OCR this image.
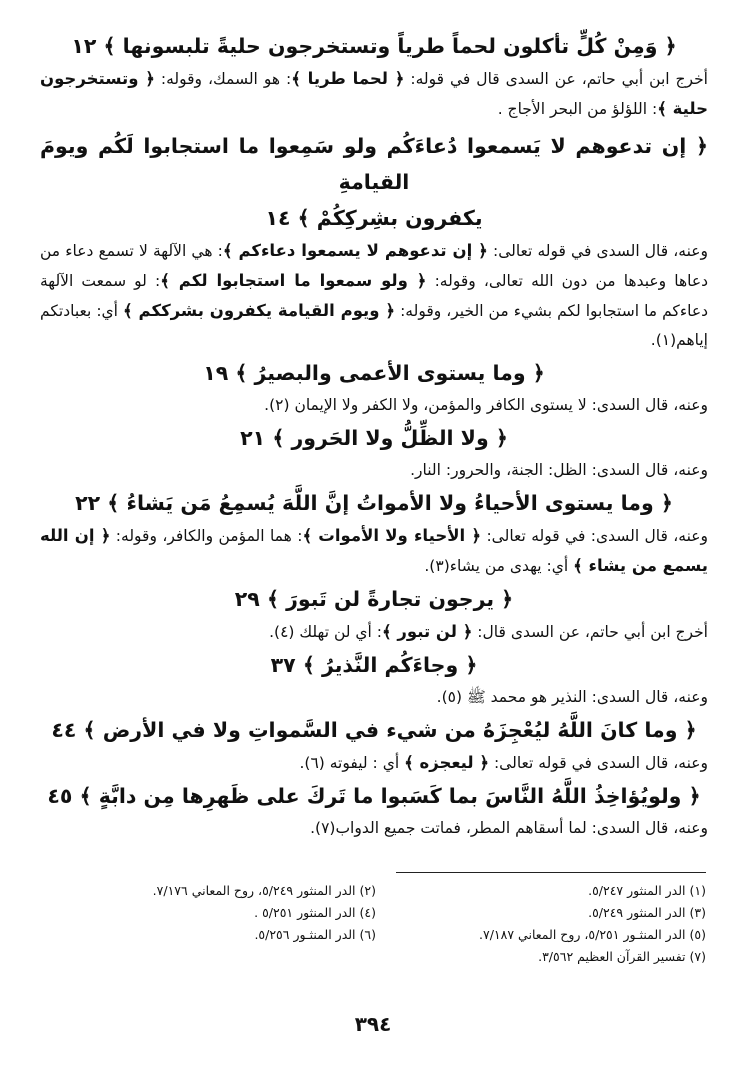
﴿ وَمِنْ كُلٍّ تأكلون لحماً طرياً وتستخرجون حليةً تلبسونها ﴾ ١٢

أخرج ابن أبي حاتم، عن السدى قال في قوله: ﴿ لحما طريا ﴾: هو السمك، وقوله: ﴿ وتستخرجون حلية ﴾: اللؤلؤ من البحر الأجاج .

﴿ إن تدعوهم لا يَسمعوا دُعاءَكُم ولو سَمِعوا ما استجابوا لَكُم ويومَ القيامةِ

يكفرون بشِركِكُمْ ﴾ ١٤

وعنه، قال السدى في قوله تعالى: ﴿ إن تدعوهم لا يسمعوا دعاءكم ﴾: هي الآلهة لا تسمع دعاء من دعاها وعبدها من دون الله تعالى، وقوله: ﴿ ولو سمعوا ما استجابوا لكم ﴾: لو سمعت الآلهة دعاءكم ما استجابوا لكم بشيء من الخير، وقوله: ﴿ ويوم القيامة يكفرون بشرككم ﴾ أي: بعبادتكم إياهم(١).

﴿ وما يستوى الأعمى والبصيرُ ﴾ ١٩

وعنه، قال السدى: لا يستوى الكافر والمؤمن، ولا الكفر ولا الإيمان (٢).

﴿ ولا الظِّلُّ ولا الحَرور ﴾ ٢١

وعنه، قال السدى: الظل: الجنة، والحرور: النار.

﴿ وما يستوى الأحياءُ ولا الأمواتُ إنَّ اللَّهَ يُسمِعُ مَن يَشاءُ ﴾ ٢٢

وعنه، قال السدى: في قوله تعالى: ﴿ الأحياء ولا الأموات ﴾: هما المؤمن والكافر، وقوله: ﴿ إن الله يسمع من يشاء ﴾ أي: يهدى من يشاء(٣).

﴿ يرجون تجارةً لن تَبورَ ﴾ ٢٩

أخرج ابن أبي حاتم، عن السدى قال: ﴿ لن تبور ﴾: أي لن تهلك (٤).

﴿ وجاءَكُم النَّذيرُ ﴾ ٣٧

وعنه، قال السدى: النذير هو محمد ﷺ (٥).

﴿ وما كانَ اللَّهُ ليُعْجِزَهُ من شيء في السَّمواتِ ولا في الأرض ﴾ ٤٤

وعنه، قال السدى في قوله تعالى: ﴿ ليعجزه ﴾ أي : ليفوته (٦).

﴿ ولويُؤاخِذُ اللَّهُ النَّاسَ بما كَسَبوا ما تَركَ على ظَهرِها مِن دابَّةٍ ﴾ ٤٥

وعنه، قال السدى: لما أسقاهم المطر، فماتت جميع الدواب(٧).

(١) الدر المنثور ٥/٢٤٧.
(٢) الدر المنثور ٥/٢٤٩، روح المعاني ٧/١٧٦.
(٣) الدر المنثور ٥/٢٤٩.
(٤) الدر المنثور ٥/٢٥١ .
(٥) الدر المنثـور ٥/٢٥١، روح المعاني ٧/١٨٧.
(٦) الدر المنثـور ٥/٢٥٦.
(٧) تفسير القرآن العظيم ٣/٥٦٢.
٣٩٤
